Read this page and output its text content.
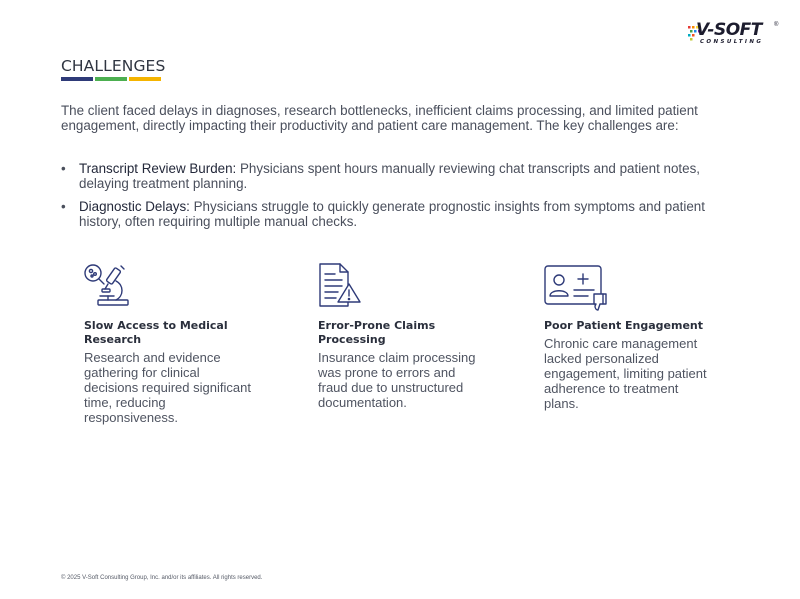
V-SOFT ®
CONSULTING
CHALLENGES

The client faced delays in diagnoses, research bottlenecks, inefficient claims processing, and limited patient engagement, directly impacting their productivity and patient care management. The key challenges are:

• Transcript Review Burden: Physicians spent hours manually reviewing chat transcripts and patient notes, delaying treatment planning.
• Diagnostic Delays: Physicians struggle to quickly generate prognostic insights from symptoms and patient history, often requiring multiple manual checks.
Slow Access to Medical Research

Research and evidence gathering for clinical decisions required significant time, reducing responsiveness.

Error-Prone Claims Processing

Insurance claim processing was prone to errors and fraud due to unstructured documentation.

Poor Patient Engagement

Chronic care management lacked personalized engagement, limiting patient adherence to treatment plans.

© 2025 V-Soft Consulting Group, Inc. and/or its affiliates. All rights reserved.
